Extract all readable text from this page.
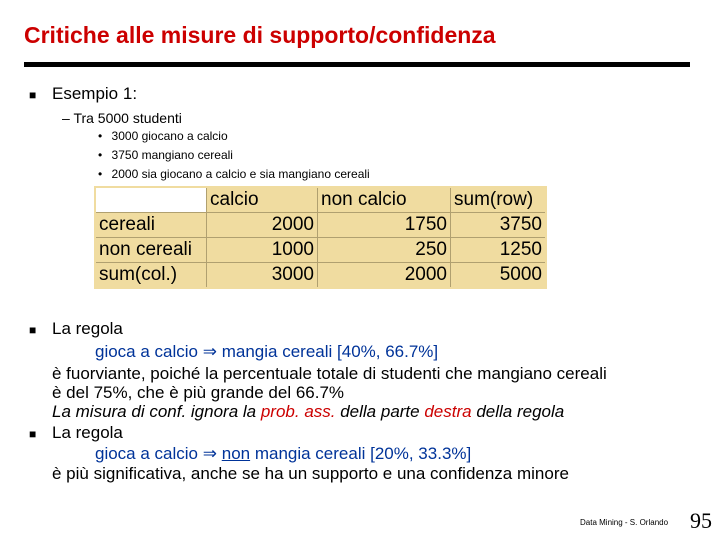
Critiche alle misure di supporto/confidenza
■ Esempio 1:
– Tra 5000 studenti
• 3000 giocano a calcio
• 3750 mangiano cereali
• 2000 sia giocano a calcio e sia mangiano cereali
	calcio	non calcio	sum(row)
cereali	2000	1750	3750
non cereali	1000	250	1250
sum(col.)	3000	2000	5000
■ La regola
gioca a calcio ⇒ mangia cereali [40%, 66.7%]
è fuorviante, poiché la percentuale totale di studenti che mangiano cereali
è del 75%, che è più grande del 66.7%
La misura di conf. ignora la prob. ass. della parte destra della regola
■ La regola
gioca a calcio ⇒ non mangia cereali [20%, 33.3%]
è più significativa, anche se ha un supporto e una confidenza minore
Data Mining - S. Orlando 95
